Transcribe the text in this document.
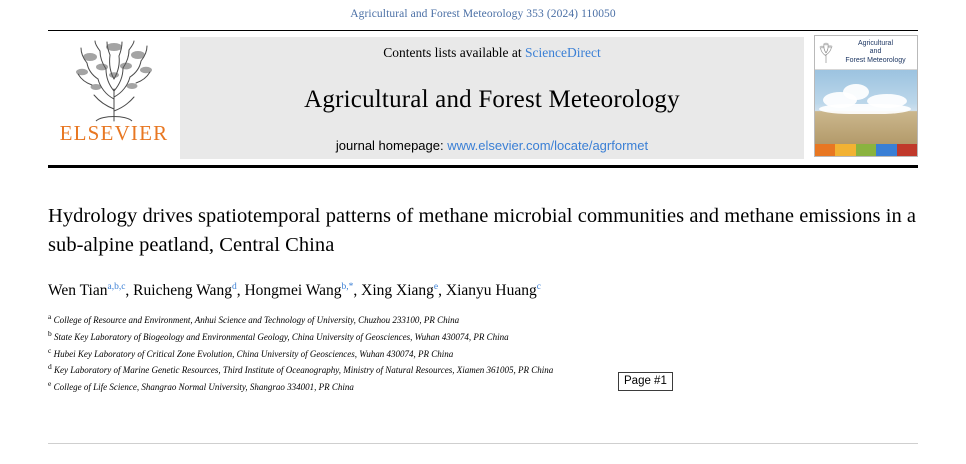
Agricultural and Forest Meteorology 353 (2024) 110050
ELSEVIER
Contents lists available at ScienceDirect
Agricultural and Forest Meteorology
journal homepage: www.elsevier.com/locate/agrformet
Agricultural
and
Forest Meteorology
Hydrology drives spatiotemporal patterns of methane microbial communities and methane emissions in a sub-alpine peatland, Central China
Wen Tian$^{a,b,c}$, Ruicheng Wang$^d$, Hongmei Wang$^{b,*}$, Xing Xiang$^e$, Xianyu Huang$^c$
$^a$ College of Resource and Environment, Anhui Science and Technology of University, Chuzhou 233100, PR China
$^b$ State Key Laboratory of Biogeology and Environmental Geology, China University of Geosciences, Wuhan 430074, PR China
$^c$ Hubei Key Laboratory of Critical Zone Evolution, China University of Geosciences, Wuhan 430074, PR China
$^d$ Key Laboratory of Marine Genetic Resources, Third Institute of Oceanography, Ministry of Natural Resources, Xiamen 361005, PR China
$^e$ College of Life Science, Shangrao Normal University, Shangrao 334001, PR China	Page #1
